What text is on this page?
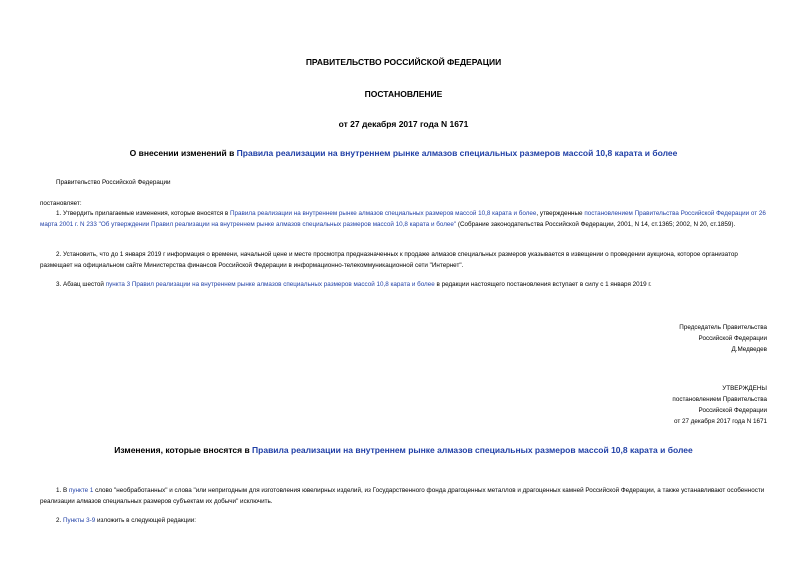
ПРАВИТЕЛЬСТВО РОССИЙСКОЙ ФЕДЕРАЦИИ
ПОСТАНОВЛЕНИЕ
от 27 декабря 2017 года N 1671
О внесении изменений в Правила реализации на внутреннем рынке алмазов специальных размеров массой 10,8 карата и более
Правительство Российской Федерации
постановляет:
1. Утвердить прилагаемые изменения, которые вносятся в Правила реализации на внутреннем рынке алмазов специальных размеров массой 10,8 карата и более, утвержденные постановлением Правительства Российской Федерации от 26 марта 2001 г. N 233 "Об утверждении Правил реализации на внутреннем рынке алмазов специальных размеров массой 10,8 карата и более" (Собрание законодательства Российской Федерации, 2001, N 14, ст.1365; 2002, N 20, ст.1859).
2. Установить, что до 1 января 2019 г информация о времени, начальной цене и месте просмотра предназначенных к продаже алмазов специальных размеров указывается в извещении о проведении аукциона, которое организатор размещает на официальном сайте Министерства финансов Российской Федерации в информационно-телекоммуникационной сети "Интернет".
3. Абзац шестой пункта 3 Правил реализации на внутреннем рынке алмазов специальных размеров массой 10,8 карата и более в редакции настоящего постановления вступает в силу с 1 января 2019 г.
Председатель Правительства
Российской Федерации
Д.Медведев
УТВЕРЖДЕНЫ
постановлением Правительства
Российской Федерации
от 27 декабря 2017 года N 1671
Изменения, которые вносятся в Правила реализации на внутреннем рынке алмазов специальных размеров массой 10,8 карата и более
1. В пункте 1 слово "необработанных" и слова "или непригодным для изготовления ювелирных изделий, из Государственного фонда драгоценных металлов и драгоценных камней Российской Федерации, а также устанавливают особенности реализации алмазов специальных размеров субъектам их добычи" исключить.
2. Пункты 3-9 изложить в следующей редакции:
